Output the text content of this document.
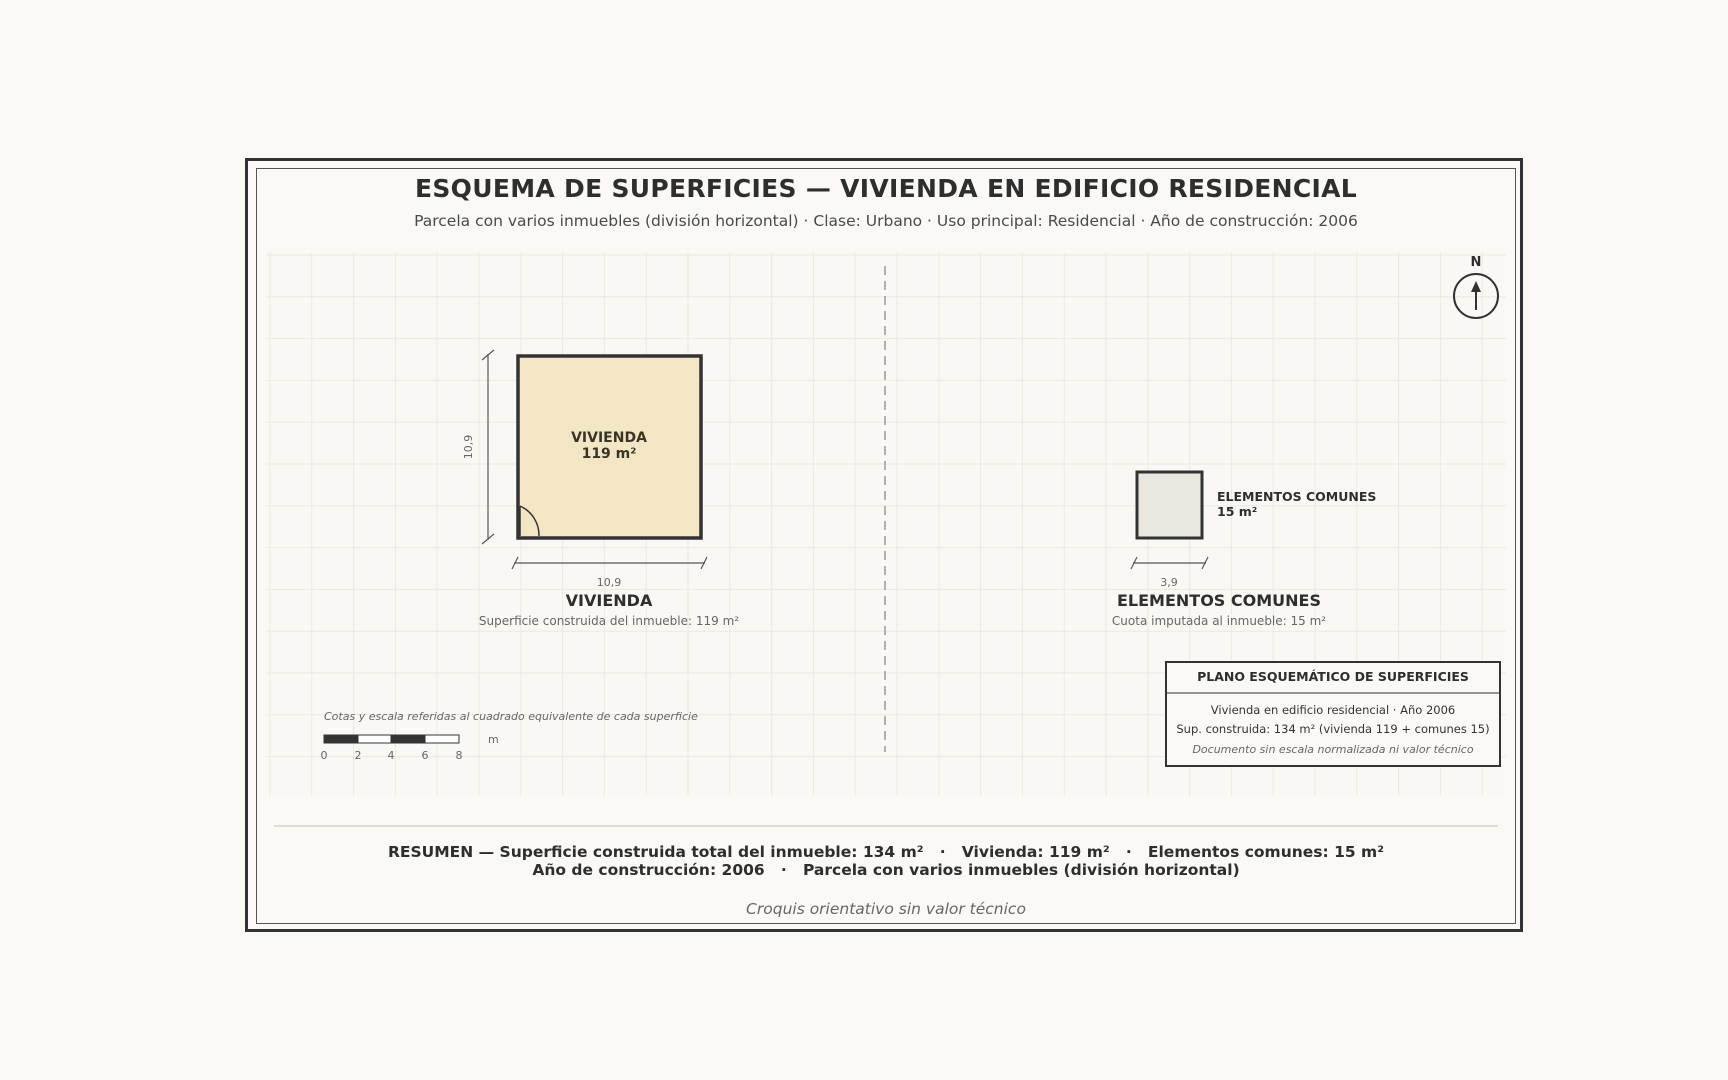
ESQUEMA DE SUPERFICIES — VIVIENDA EN EDIFICIO RESIDENCIAL
Parcela con varios inmuebles (división horizontal) · Clase: Urbano · Uso principal: Residencial · Año de construcción: 2006
N
VIVIENDA
119 m²
10,9
10,9
VIVIENDA
Superficie construida del inmueble: 119 m²
ELEMENTOS COMUNES
15 m²
3,9
ELEMENTOS COMUNES
Cuota imputada al inmueble: 15 m²
Cotas y escala referidas al cuadrado equivalente de cada superficie
0 2 4 6 8
m
PLANO ESQUEMÁTICO DE SUPERFICIES
Vivienda en edificio residencial · Año 2006
Sup. construida: 134 m² (vivienda 119 + comunes 15)
Documento sin escala normalizada ni valor técnico
RESUMEN — Superficie construida total del inmueble: 134 m²   ·   Vivienda: 119 m²   ·   Elementos comunes: 15 m²
Año de construcción: 2006   ·   Parcela con varios inmuebles (división horizontal)
Croquis orientativo sin valor técnico
